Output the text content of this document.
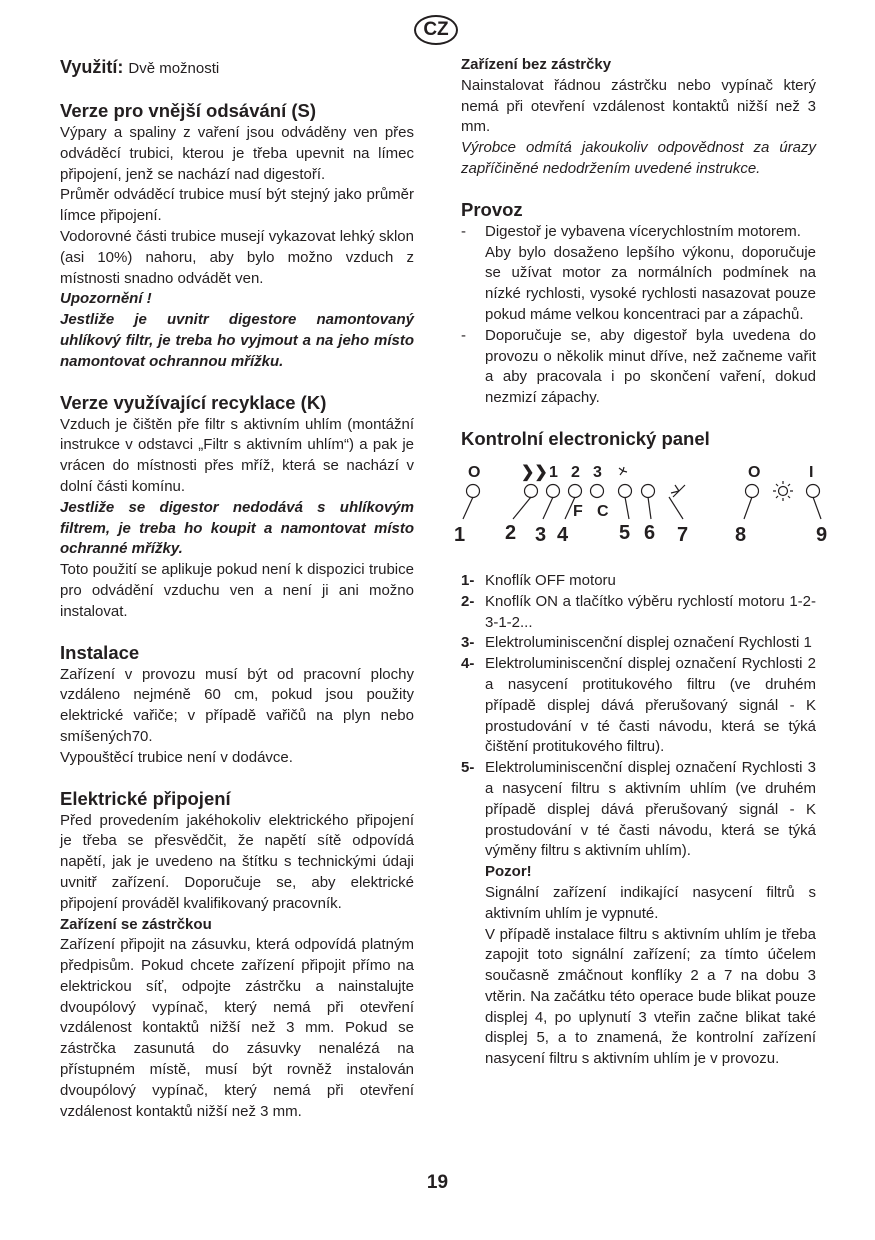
CZ
Využití: Dvě možnosti
Verze pro vnější odsávání (S)

Výpary a spaliny z vaření jsou odváděny ven přes odváděcí trubici, kterou je třeba upevnit na límec připojení, jenž se nachází nad digestoří.

Průměr odváděcí trubice musí být stejný jako průměr límce připojení.

Vodorovné části trubice musejí vykazovat lehký sklon (asi 10%) nahoru, aby bylo možno vzduch z místnosti snadno odvádět ven.

Upozornění !

Jestliže je uvnitr digestore namontovaný uhlíkový filtr, je treba ho vyjmout a na jeho místo namontovat ochrannou mřížku.

Verze využívající recyklace (K)

Vzduch je čištěn pře filtr s aktivním uhlím (montážní instrukce v odstavci „Filtr s aktivním uhlím“) a pak je vrácen do místnosti přes mříž, která se nachází v dolní části komínu.

Jestliže se digestor nedodává s uhlíkovým filtrem, je treba ho koupit a namontovat místo ochranné mřížky.

Toto použití se aplikuje pokud není k dispozici trubice pro odvádění vzduchu ven a není ji ani možno instalovat.

Instalace

Zařízení v provozu musí být od pracovní plochy vzdáleno nejméně 60 cm, pokud jsou použity elektrické vařiče; v případě vařičů na plyn nebo smíšených70.

Vypouštěcí trubice není v dodávce.

Elektrické připojení

Před provedením jakéhokoliv elektrického připojení je třeba se přesvědčit, že napětí sítě odpovídá napětí, jak je uvedeno na štítku s technickými údaji uvnitř zařízení. Doporučuje se, aby elektrické připojení prováděl kvalifikovaný pracovník.

Zařízení se zástrčkou

Zařízení připojit na zásuvku, která odpovídá platným předpisům. Pokud chcete zařízení připojit přímo na elektrickou síť, odpojte zástrčku a nainstalujte dvoupólový vypínač, který nemá při otevření vzdálenost kontaktů nižší než 3 mm. Pokud se zástrčka zasunutá do zásuvky nenalézá na přístupném místě, musí být rovněž instalován dvoupólový vypínač, který nemá při otevření vzdálenost kontaktů nižší než 3 mm.

Zařízení bez zástrčky

Nainstalovat řádnou zástrčku nebo vypínač který nemá při otevření vzdálenost kontaktů nižší než 3 mm.

Výrobce odmítá jakoukoliv odpovědnost za úrazy zapříčiněné nedodržením uvedené instrukce.

Provoz
- Digestoř je vybavena vícerychlostním motorem.
Aby bylo dosaženo lepšího výkonu, doporučuje se užívat motor za normálních podmínek na nízké rychlosti, vysoké rychlosti nasazovat pouze pokud máme velkou koncentraci par a zápachů.
- Doporučuje se, aby digestoř byla uvedena do provozu o několik minut dříve, než začneme vařit a aby pracovala i po skončení vaření, dokud nezmizí zápachy.
Kontrolní electronický panel
O	❯❯ 1 2 3	O	I
F C
1 2 3 4	5 6 7 8	9
1- Knoflík OFF motoru
2- Knoflík ON a tlačítko výběru rychlostí motoru 1-2-3-1-2...
3- Elektroluminiscenční displej označení Rychlosti 1
4- Elektroluminiscenční displej označení Rychlosti 2 a nasycení protitukového filtru (ve druhém případě displej dává přerušovaný signál - K prostudování v té časti návodu, která se týká čištění protitukového filtru).
5- Elektroluminiscenční displej označení Rychlosti 3 a nasycení filtru s aktivním uhlím (ve druhém případě displej dává přerušovaný signál - K prostudování v té časti návodu, která se týká výměny filtru s aktivním uhlím).
Pozor!
Signální zařízení indikající nasycení filtrů s aktivním uhlím je vypnuté.
V případě instalace filtru s aktivním uhlím je třeba zapojit toto signální zařízení; za tímto účelem současně zmáčnout konflíky 2 a 7 na dobu 3 vtěrin. Na začátku této operace bude blikat pouze displej 4, po uplynutí 3 vteřin začne blikat také displej 5, a to znamená, že kontrolní zařízení nasycení filtru s aktivním uhlím je v provozu.
19
